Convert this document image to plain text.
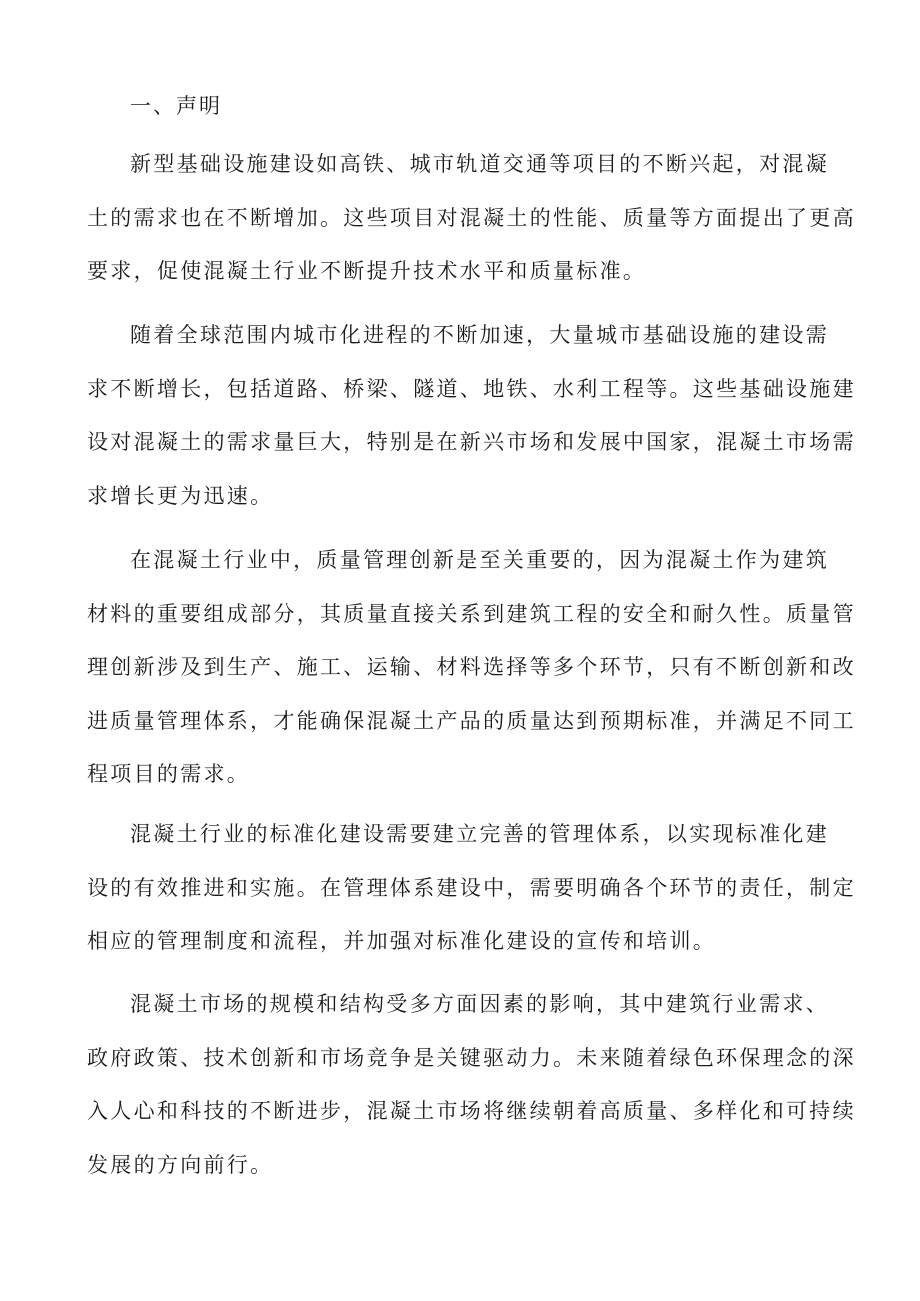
一、声明
新型基础设施建设如高铁、城市轨道交通等项目的不断兴起，对混凝
土的需求也在不断增加。这些项目对混凝土的性能、质量等方面提出了更高
要求，促使混凝土行业不断提升技术水平和质量标准。
随着全球范围内城市化进程的不断加速，大量城市基础设施的建设需
求不断增长，包括道路、桥梁、隧道、地铁、水利工程等。这些基础设施建
设对混凝土的需求量巨大，特别是在新兴市场和发展中国家，混凝土市场需
求增长更为迅速。
在混凝土行业中，质量管理创新是至关重要的，因为混凝土作为建筑
材料的重要组成部分，其质量直接关系到建筑工程的安全和耐久性。质量管
理创新涉及到生产、施工、运输、材料选择等多个环节，只有不断创新和改
进质量管理体系，才能确保混凝土产品的质量达到预期标准，并满足不同工
程项目的需求。
混凝土行业的标准化建设需要建立完善的管理体系，以实现标准化建
设的有效推进和实施。在管理体系建设中，需要明确各个环节的责任，制定
相应的管理制度和流程，并加强对标准化建设的宣传和培训。
混凝土市场的规模和结构受多方面因素的影响，其中建筑行业需求、
政府政策、技术创新和市场竞争是关键驱动力。未来随着绿色环保理念的深
入人心和科技的不断进步，混凝土市场将继续朝着高质量、多样化和可持续
发展的方向前行。
